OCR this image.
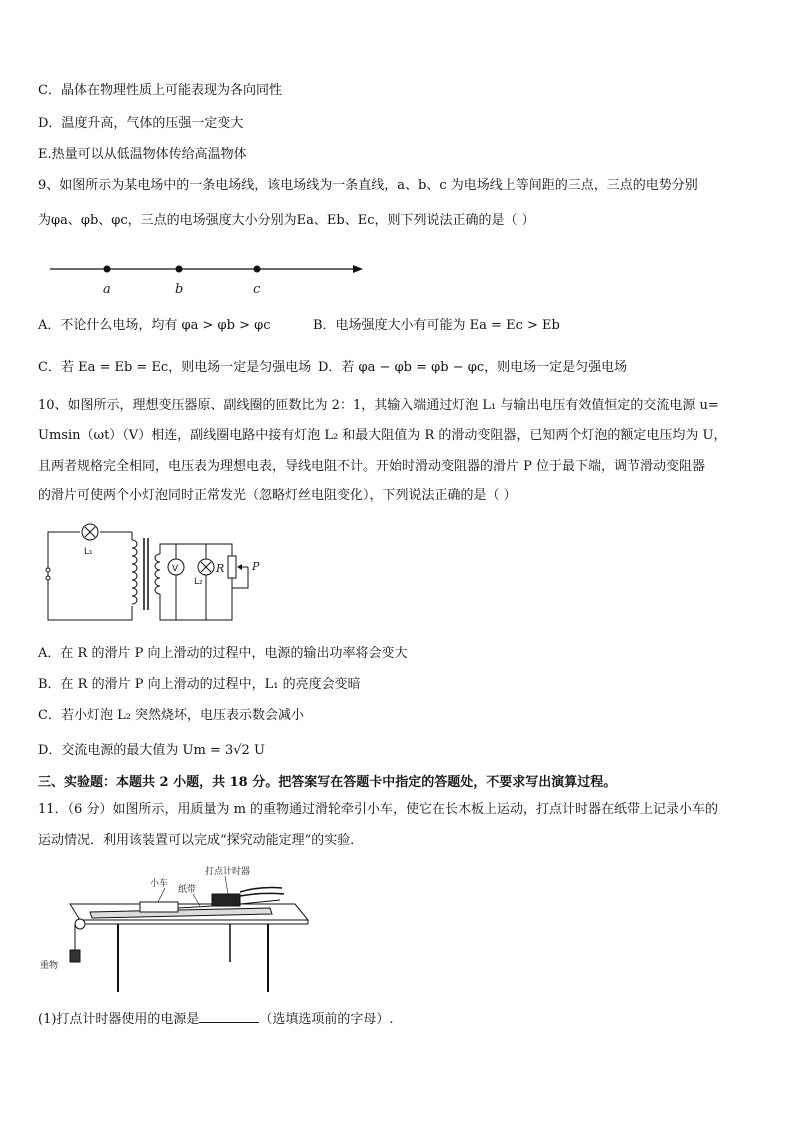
C．晶体在物理性质上可能表现为各向同性
D．温度升高，气体的压强一定变大
E.热量可以从低温物体传给高温物体
9、如图所示为某电场中的一条电场线，该电场线为一条直线，a、b、c 为电场线上等间距的三点，三点的电势分别
为φa、φb、φc，三点的电场强度大小分别为Ea、Eb、Ec，则下列说法正确的是（ ）
a	b	c
A．不论什么电场，均有 φa > φb > φc	B．电场强度大小有可能为 Ea = Ec > Eb
C．若 Ea = Eb = Ec，则电场一定是匀强电场 D．若 φa − φb = φb − φc，则电场一定是匀强电场
10、如图所示，理想变压器原、副线圈的匝数比为 2：1，其输入端通过灯泡 L₁ 与输出电压有效值恒定的交流电源 u=
Umsin（ωt）（V）相连，副线圈电路中接有灯泡 L₂ 和最大阻值为 R 的滑动变阻器，已知两个灯泡的额定电压均为 U，
且两者规格完全相同，电压表为理想电表，导线电阻不计。开始时滑动变阻器的滑片 P 位于最下端，调节滑动变阻器
的滑片可使两个小灯泡同时正常发光（忽略灯丝电阻变化），下列说法正确的是（ ）
L₁
V
L₂
R	P
A．在 R 的滑片 P 向上滑动的过程中，电源的输出功率将会变大
B．在 R 的滑片 P 向上滑动的过程中，L₁ 的亮度会变暗
C．若小灯泡 L₂ 突然烧坏，电压表示数会减小
D．交流电源的最大值为 Um = 3√2 U
三、实验题：本题共 2 小题，共 18 分。把答案写在答题卡中指定的答题处，不要求写出演算过程。
11．（6 分）如图所示，用质量为 m 的重物通过滑轮牵引小车，使它在长木板上运动，打点计时器在纸带上记录小车的
运动情况．利用该装置可以完成“探究动能定理”的实验．
小车
纸带
打点计时器
重物
(1)打点计时器使用的电源是	（选填选项前的字母）.
